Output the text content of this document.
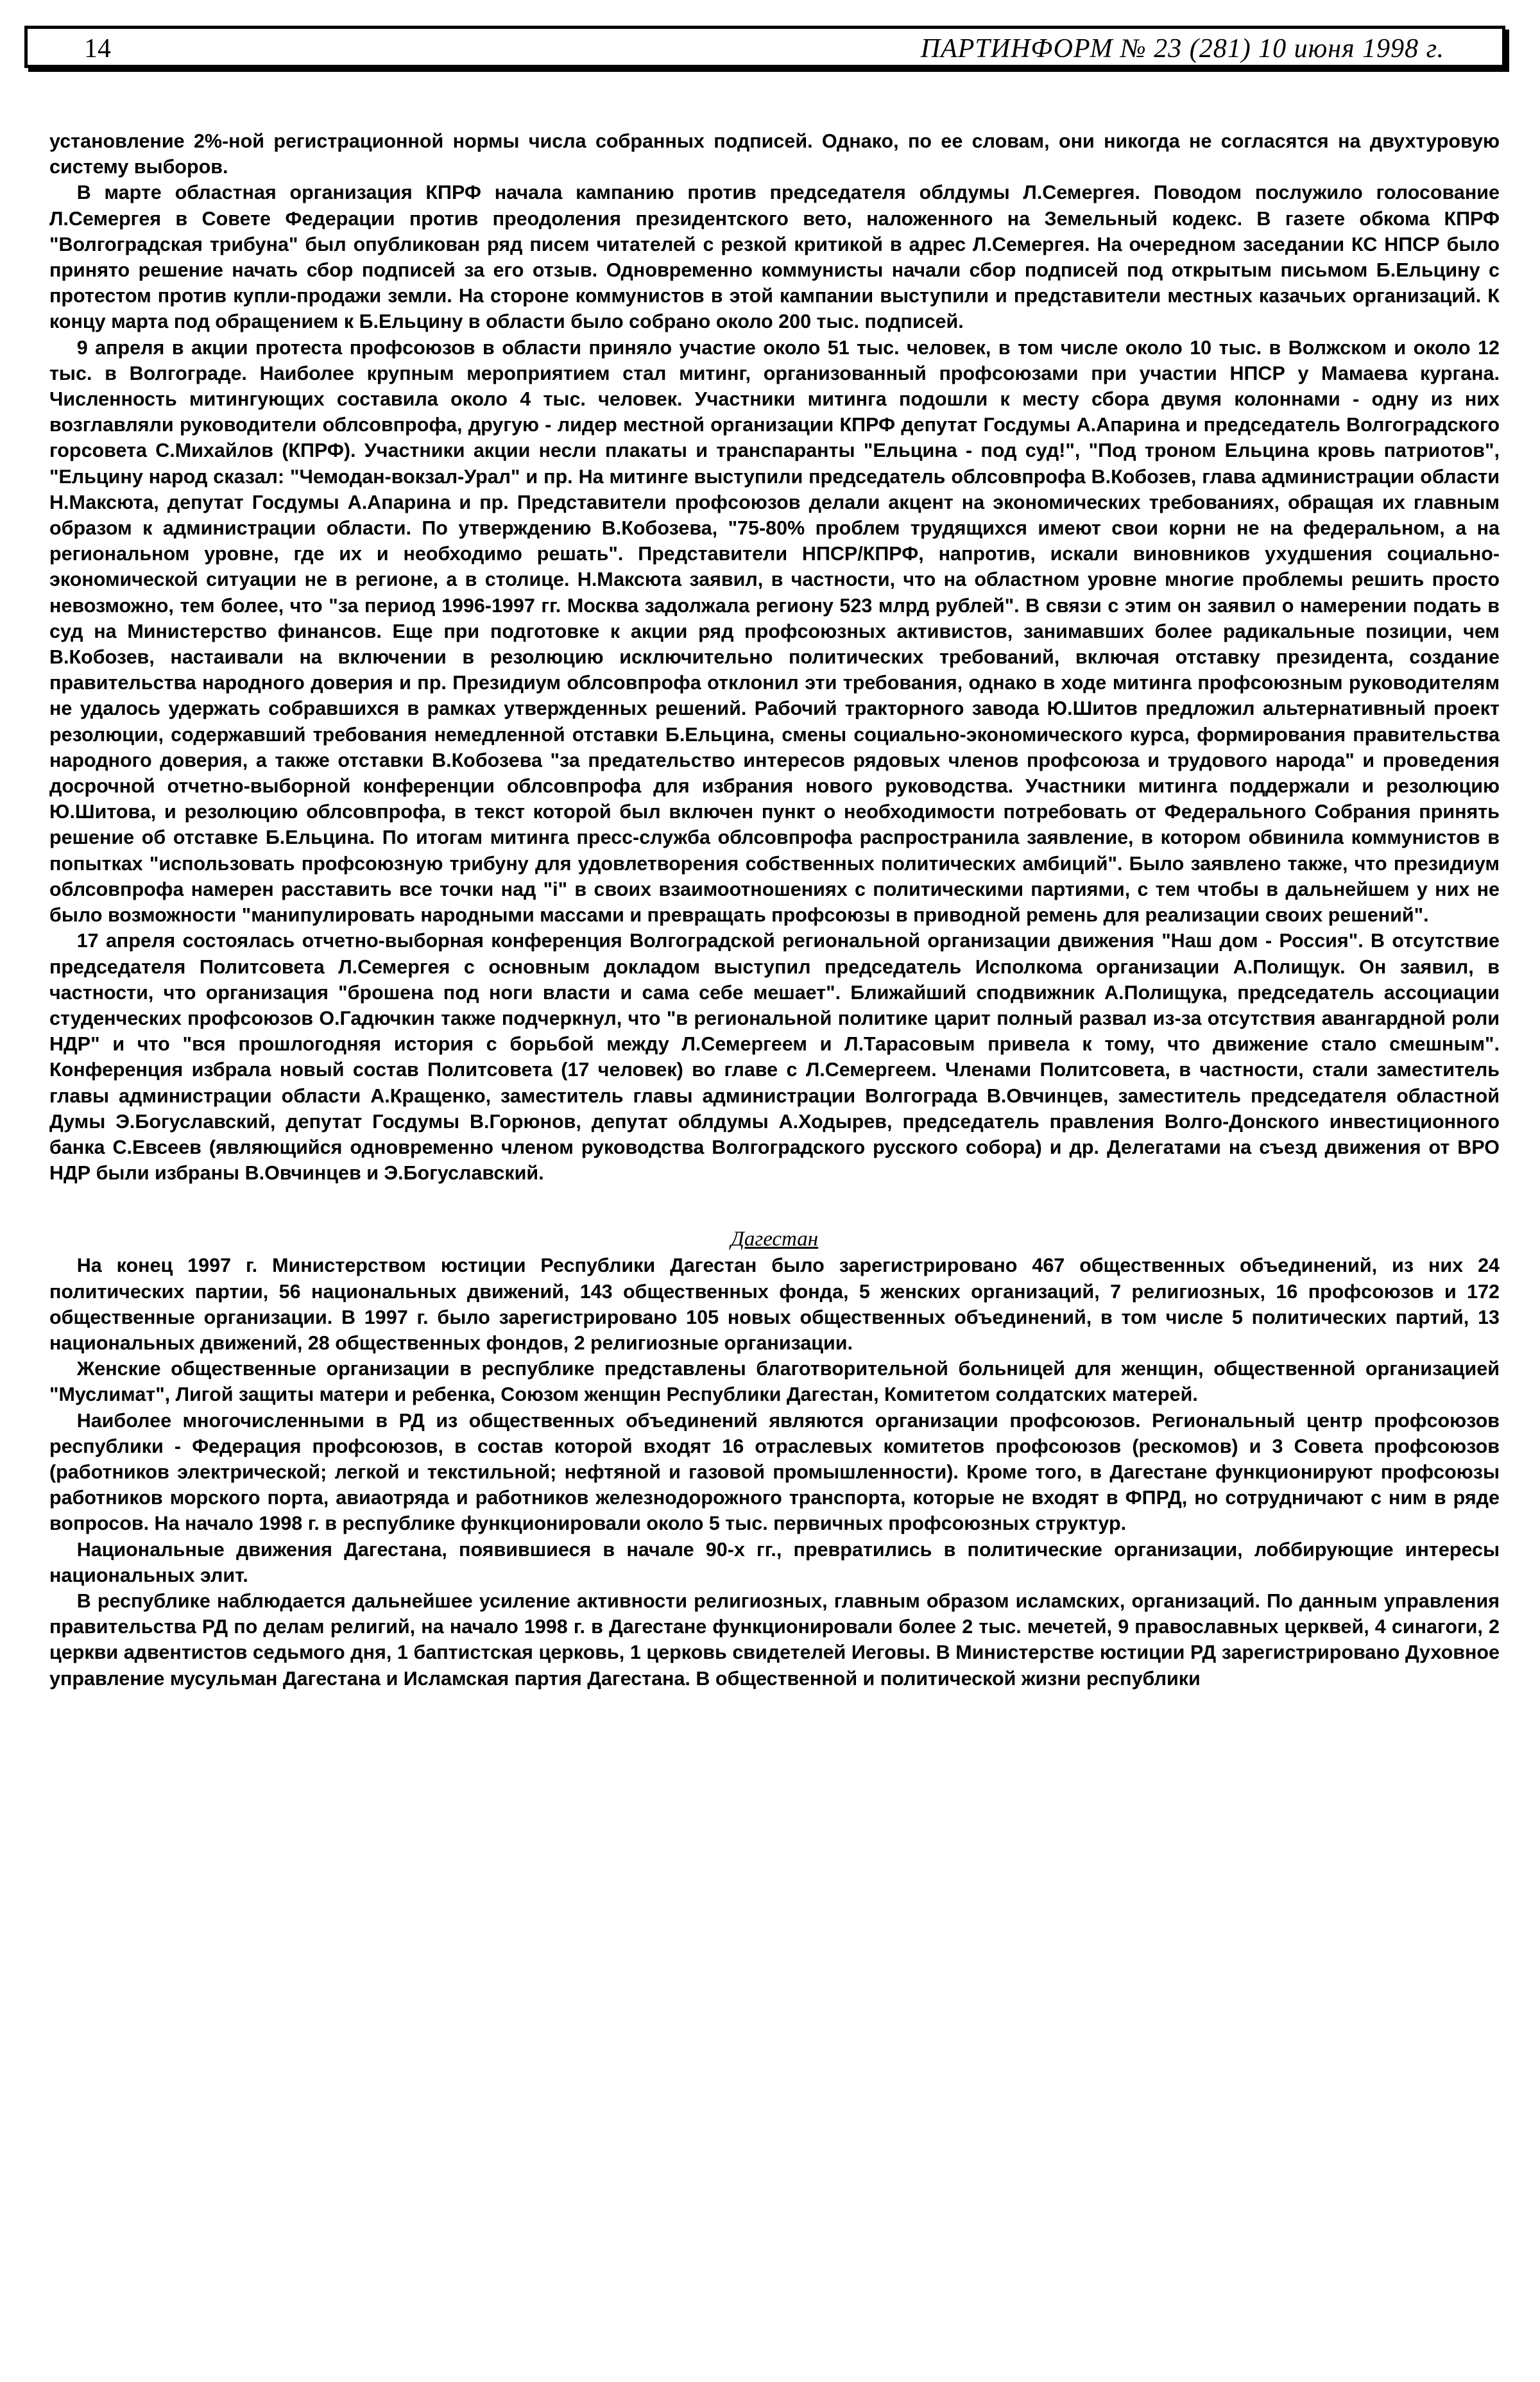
14	ПАРТИНФОРМ № 23 (281) 10 июня 1998 г.

установление 2%-ной регистрационной нормы числа собранных подписей. Однако, по ее словам, они никогда не согласятся на двухтуровую систему выборов.

В марте областная организация КПРФ начала кампанию против председателя облдумы Л.Семергея. Поводом послужило голосование Л.Семергея в Совете Федерации против преодоления президентского вето, наложенного на Земельный кодекс. В газете обкома КПРФ "Волгоградская трибуна" был опубликован ряд писем читателей с резкой критикой в адрес Л.Семергея. На очередном заседании КС НПСР было принято решение начать сбор подписей за его отзыв. Одновременно коммунисты начали сбор подписей под открытым письмом Б.Ельцину с протестом против купли-продажи земли. На стороне коммунистов в этой кампании выступили и представители местных казачьих организаций. К концу марта под обращением к Б.Ельцину в области было собрано около 200 тыс. подписей.

9 апреля в акции протеста профсоюзов в области приняло участие около 51 тыс. человек, в том числе около 10 тыс. в Волжском и около 12 тыс. в Волгограде. Наиболее крупным мероприятием стал митинг, организованный профсоюзами при участии НПСР у Мамаева кургана. Численность митингующих составила около 4 тыс. человек. Участники митинга подошли к месту сбора двумя колоннами - одну из них возглавляли руководители облсовпрофа, другую - лидер местной организации КПРФ депутат Госдумы А.Апарина и председатель Волгоградского горсовета С.Михайлов (КПРФ). Участники акции несли плакаты и транспаранты "Ельцина - под суд!", "Под троном Ельцина кровь патриотов", "Ельцину народ сказал: "Чемодан-вокзал-Урал" и пр. На митинге выступили председатель облсовпрофа В.Кобозев, глава администрации области Н.Максюта, депутат Госдумы А.Апарина и пр. Представители профсоюзов делали акцент на экономических требованиях, обращая их главным образом к администрации области. По утверждению В.Кобозева, "75-80% проблем трудящихся имеют свои корни не на федеральном, а на региональном уровне, где их и необходимо решать". Представители НПСР/КПРФ, напротив, искали виновников ухудшения социально-экономической ситуации не в регионе, а в столице. Н.Максюта заявил, в частности, что на областном уровне многие проблемы решить просто невозможно, тем более, что "за период 1996-1997 гг. Москва задолжала региону 523 млрд рублей". В связи с этим он заявил о намерении подать в суд на Министерство финансов. Еще при подготовке к акции ряд профсоюзных активистов, занимавших более радикальные позиции, чем В.Кобозев, настаивали на включении в резолюцию исключительно политических требований, включая отставку президента, создание правительства народного доверия и пр. Президиум облсовпрофа отклонил эти требования, однако в ходе митинга профсоюзным руководителям не удалось удержать собравшихся в рамках утвержденных решений. Рабочий тракторного завода Ю.Шитов предложил альтернативный проект резолюции, содержавший требования немедленной отставки Б.Ельцина, смены социально-экономического курса, формирования правительства народного доверия, а также отставки В.Кобозева "за предательство интересов рядовых членов профсоюза и трудового народа" и проведения досрочной отчетно-выборной конференции облсовпрофа для избрания нового руководства. Участники митинга поддержали и резолюцию Ю.Шитова, и резолюцию облсовпрофа, в текст которой был включен пункт о необходимости потребовать от Федерального Собрания принять решение об отставке Б.Ельцина. По итогам митинга пресс-служба облсовпрофа распространила заявление, в котором обвинила коммунистов в попытках "использовать профсоюзную трибуну для удовлетворения собственных политических амбиций". Было заявлено также, что президиум облсовпрофа намерен расставить все точки над "i" в своих взаимоотношениях с политическими партиями, с тем чтобы в дальнейшем у них не было возможности "манипулировать народными массами и превращать профсоюзы в приводной ремень для реализации своих решений".

17 апреля состоялась отчетно-выборная конференция Волгоградской региональной организации движения "Наш дом - Россия". В отсутствие председателя Политсовета Л.Семергея с основным докладом выступил председатель Исполкома организации А.Полищук. Он заявил, в частности, что организация "брошена под ноги власти и сама себе мешает". Ближайший сподвижник А.Полищука, председатель ассоциации студенческих профсоюзов О.Гадючкин также подчеркнул, что "в региональной политике царит полный развал из-за отсутствия авангардной роли НДР" и что "вся прошлогодняя история с борьбой между Л.Семергеем и Л.Тарасовым привела к тому, что движение стало смешным". Конференция избрала новый состав Политсовета (17 человек) во главе с Л.Семергеем. Членами Политсовета, в частности, стали заместитель главы администрации области А.Кращенко, заместитель главы администрации Волгограда В.Овчинцев, заместитель председателя областной Думы Э.Богуславский, депутат Госдумы В.Горюнов, депутат облдумы А.Ходырев, председатель правления Волго-Донского инвестиционного банка С.Евсеев (являющийся одновременно членом руководства Волгоградского русского собора) и др. Делегатами на съезд движения от ВРО НДР были избраны В.Овчинцев и Э.Богуславский.

Дагестан

На конец 1997 г. Министерством юстиции Республики Дагестан было зарегистрировано 467 общественных объединений, из них 24 политических партии, 56 национальных движений, 143 общественных фонда, 5 женских организаций, 7 религиозных, 16 профсоюзов и 172 общественные организации. В 1997 г. было зарегистрировано 105 новых общественных объединений, в том числе 5 политических партий, 13 национальных движений, 28 общественных фондов, 2 религиозные организации.

Женские общественные организации в республике представлены благотворительной больницей для женщин, общественной организацией "Муслимат", Лигой защиты матери и ребенка, Союзом женщин Республики Дагестан, Комитетом солдатских матерей.

Наиболее многочисленными в РД из общественных объединений являются организации профсоюзов. Региональный центр профсоюзов республики - Федерация профсоюзов, в состав которой входят 16 отраслевых комитетов профсоюзов (рескомов) и 3 Совета профсоюзов (работников электрической; легкой и текстильной; нефтяной и газовой промышленности). Кроме того, в Дагестане функционируют профсоюзы работников морского порта, авиаотряда и работников железнодорожного транспорта, которые не входят в ФПРД, но сотрудничают с ним в ряде вопросов. На начало 1998 г. в республике функционировали около 5 тыс. первичных профсоюзных структур.

Национальные движения Дагестана, появившиеся в начале 90-х гг., превратились в политические организации, лоббирующие интересы национальных элит.

В республике наблюдается дальнейшее усиление активности религиозных, главным образом исламских, организаций. По данным управления правительства РД по делам религий, на начало 1998 г. в Дагестане функционировали более 2 тыс. мечетей, 9 православных церквей, 4 синагоги, 2 церкви адвентистов седьмого дня, 1 баптистская церковь, 1 церковь свидетелей Иеговы. В Министерстве юстиции РД зарегистрировано Духовное управление мусульман Дагестана и Исламская партия Дагестана. В общественной и политической жизни республики
